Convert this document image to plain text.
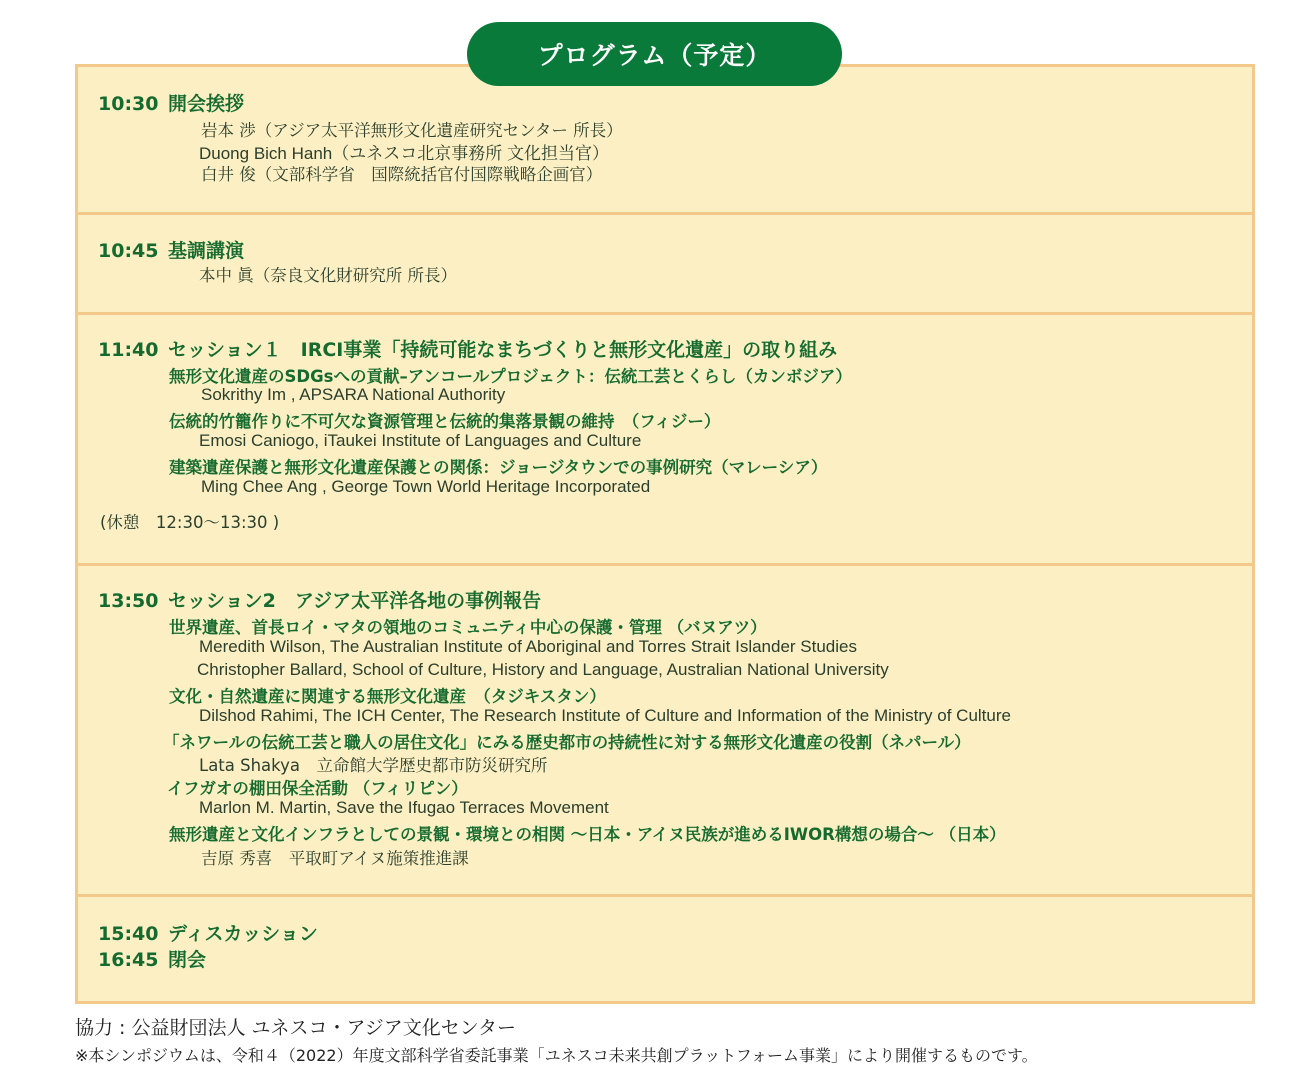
プログラム（予定）
10:30 開会挨拶
岩本 渉（アジア太平洋無形文化遺産研究センター 所長）
Duong Bich Hanh（ユネスコ北京事務所 文化担当官）
白井 俊（文部科学省　国際統括官付国際戦略企画官）
10:45 基調講演
本中 眞（奈良文化財研究所 所長）
11:40 セッション１　IRCI事業「持続可能なまちづくりと無形文化遺産」の取り組み
無形文化遺産のSDGsへの貢献–アンコールプロジェクト：伝統工芸とくらし（カンボジア）
Sokrithy Im , APSARA National Authority
伝統的竹籠作りに不可欠な資源管理と伝統的集落景観の維持　（フィジー）
Emosi Caniogo, iTaukei Institute of Languages and Culture
建築遺産保護と無形文化遺産保護との関係：ジョージタウンでの事例研究（マレーシア）
Ming Chee Ang , George Town World Heritage Incorporated
(休憩　12:30〜13:30 )
13:50 セッション2　アジア太平洋各地の事例報告
世界遺産、首長ロイ・マタの領地のコミュニティ中心の保護・管理 （バヌアツ）
Meredith Wilson, The Australian Institute of Aboriginal and Torres Strait Islander Studies
Christopher Ballard, School of Culture, History and Language, Australian National University
文化・自然遺産に関連する無形文化遺産　（タジキスタン）
Dilshod Rahimi, The ICH Center, The Research Institute of Culture and Information of the Ministry of Culture
「ネワールの伝統工芸と職人の居住文化」にみる歴史都市の持続性に対する無形文化遺産の役割（ネパール）
Lata Shakya　立命館大学歴史都市防災研究所
イフガオの棚田保全活動 （フィリピン）
Marlon M. Martin, Save the Ifugao Terraces Movement
無形遺産と文化インフラとしての景観・環境との相関 〜日本・アイヌ民族が進めるIWOR構想の場合〜 （日本）
吉原 秀喜　平取町アイヌ施策推進課
15:40 ディスカッション
16:45 閉会
協力 : 公益財団法人 ユネスコ・アジア文化センター
※本シンポジウムは、令和４（2022）年度文部科学省委託事業「ユネスコ未来共創プラットフォーム事業」により開催するものです。
